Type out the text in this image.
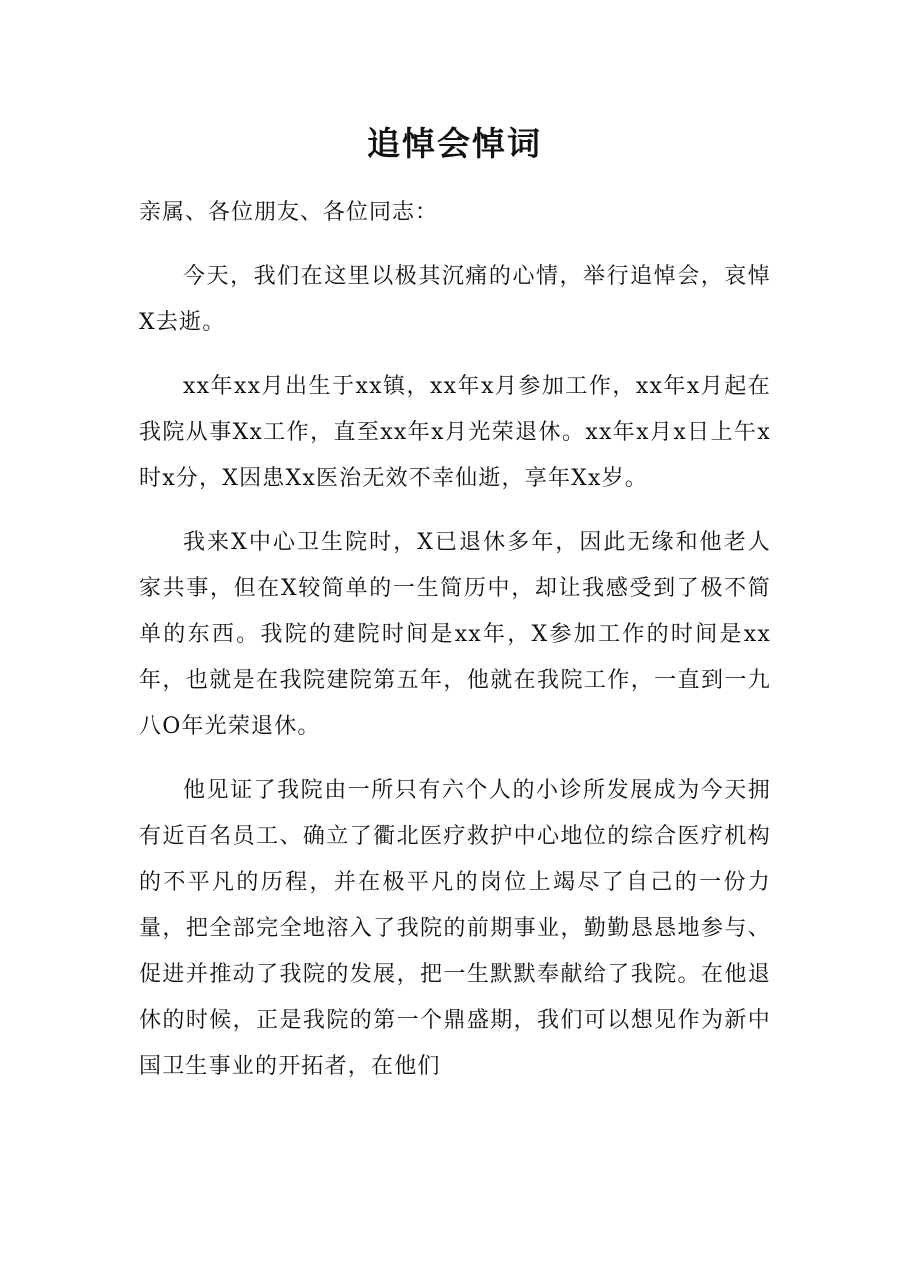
追悼会悼词

亲属、各位朋友、各位同志：

今天，我们在这里以极其沉痛的心情，举行追悼会，哀悼X去逝。

xx年xx月出生于xx镇，xx年x月参加工作，xx年x月起在我院从事Xx工作，直至xx年x月光荣退休。xx年x月x日上午x时x分，X因患Xx医治无效不幸仙逝，享年Xx岁。

我来X中心卫生院时，X已退休多年，因此无缘和他老人家共事，但在X较简单的一生简历中，却让我感受到了极不简单的东西。我院的建院时间是xx年，X参加工作的时间是xx年，也就是在我院建院第五年，他就在我院工作，一直到一九八O年光荣退休。

他见证了我院由一所只有六个人的小诊所发展成为今天拥有近百名员工、确立了衢北医疗救护中心地位的综合医疗机构的不平凡的历程，并在极平凡的岗位上竭尽了自己的一份力量，把全部完全地溶入了我院的前期事业，勤勤恳恳地参与、促进并推动了我院的发展，把一生默默奉献给了我院。在他退休的时候，正是我院的第一个鼎盛期，我们可以想见作为新中国卫生事业的开拓者，在他们
